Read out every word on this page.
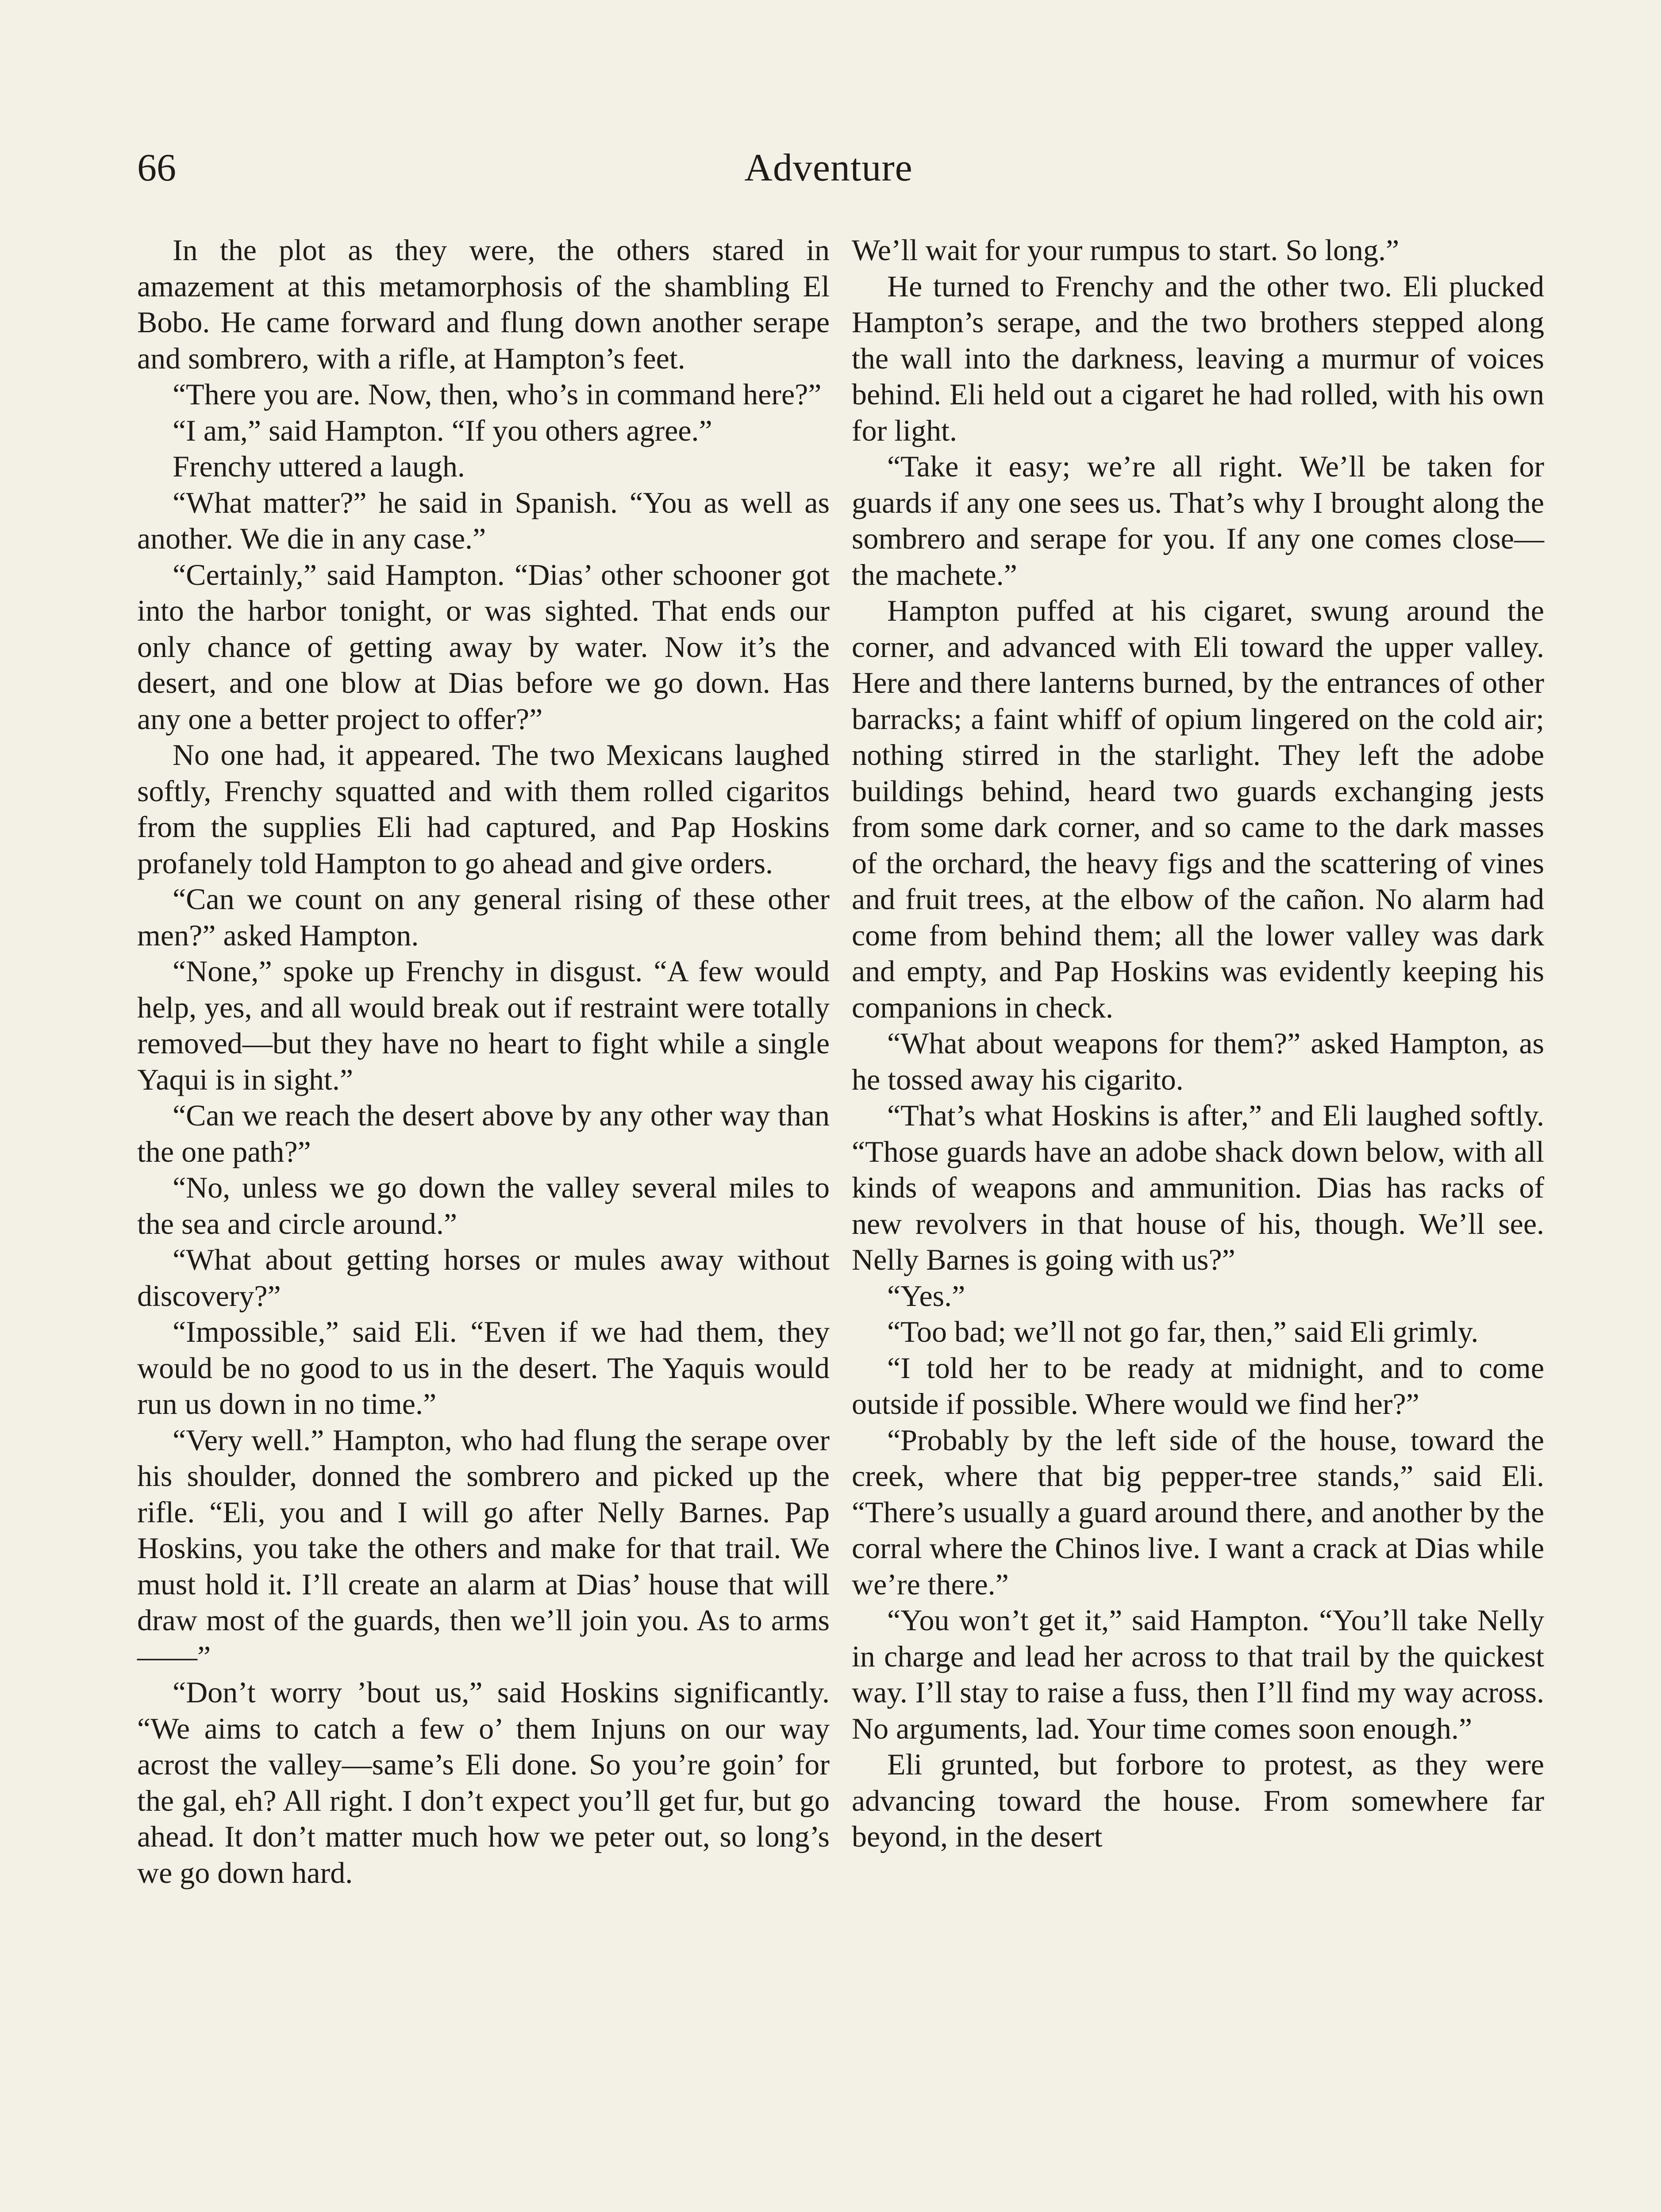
66	Adventure

In the plot as they were, the others stared in amazement at this metamorphosis of the shambling El Bobo. He came forward and flung down another serape and sombrero, with a rifle, at Hampton’s feet.

“There you are. Now, then, who’s in command here?”

“I am,” said Hampton. “If you others agree.”

Frenchy uttered a laugh.

“What matter?” he said in Spanish. “You as well as another. We die in any case.”

“Certainly,” said Hampton. “Dias’ other schooner got into the harbor tonight, or was sighted. That ends our only chance of getting away by water. Now it’s the desert, and one blow at Dias before we go down. Has any one a better project to offer?”

No one had, it appeared. The two Mexicans laughed softly, Frenchy squatted and with them rolled cigaritos from the supplies Eli had captured, and Pap Hoskins profanely told Hampton to go ahead and give orders.

“Can we count on any general rising of these other men?” asked Hampton.

“None,” spoke up Frenchy in disgust. “A few would help, yes, and all would break out if restraint were totally removed—but they have no heart to fight while a single Yaqui is in sight.”

“Can we reach the desert above by any other way than the one path?”

“No, unless we go down the valley several miles to the sea and circle around.”

“What about getting horses or mules away without discovery?”

“Impossible,” said Eli. “Even if we had them, they would be no good to us in the desert. The Yaquis would run us down in no time.”

“Very well.” Hampton, who had flung the serape over his shoulder, donned the sombrero and picked up the rifle. “Eli, you and I will go after Nelly Barnes. Pap Hoskins, you take the others and make for that trail. We must hold it. I’ll create an alarm at Dias’ house that will draw most of the guards, then we’ll join you. As to arms——”

“Don’t worry ’bout us,” said Hoskins significantly. “We aims to catch a few o’ them Injuns on our way acrost the valley—same’s Eli done. So you’re goin’ for the gal, eh? All right. I don’t expect you’ll get fur, but go ahead. It don’t matter much how we peter out, so long’s we go down hard.

We’ll wait for your rumpus to start. So long.”

He turned to Frenchy and the other two. Eli plucked Hampton’s serape, and the two brothers stepped along the wall into the darkness, leaving a murmur of voices behind. Eli held out a cigaret he had rolled, with his own for light.

“Take it easy; we’re all right. We’ll be taken for guards if any one sees us. That’s why I brought along the sombrero and serape for you. If any one comes close—the machete.”

Hampton puffed at his cigaret, swung around the corner, and advanced with Eli toward the upper valley. Here and there lanterns burned, by the entrances of other barracks; a faint whiff of opium lingered on the cold air; nothing stirred in the starlight. They left the adobe buildings behind, heard two guards exchanging jests from some dark corner, and so came to the dark masses of the orchard, the heavy figs and the scattering of vines and fruit trees, at the elbow of the cañon. No alarm had come from behind them; all the lower valley was dark and empty, and Pap Hoskins was evidently keeping his companions in check.

“What about weapons for them?” asked Hampton, as he tossed away his cigarito.

“That’s what Hoskins is after,” and Eli laughed softly. “Those guards have an adobe shack down below, with all kinds of weapons and ammunition. Dias has racks of new revolvers in that house of his, though. We’ll see. Nelly Barnes is going with us?”

“Yes.”

“Too bad; we’ll not go far, then,” said Eli grimly.

“I told her to be ready at midnight, and to come outside if possible. Where would we find her?”

“Probably by the left side of the house, toward the creek, where that big pepper-tree stands,” said Eli. “There’s usually a guard around there, and another by the corral where the Chinos live. I want a crack at Dias while we’re there.”

“You won’t get it,” said Hampton. “You’ll take Nelly in charge and lead her across to that trail by the quickest way. I’ll stay to raise a fuss, then I’ll find my way across. No arguments, lad. Your time comes soon enough.”

Eli grunted, but forbore to protest, as they were advancing toward the house. From somewhere far beyond, in the desert
